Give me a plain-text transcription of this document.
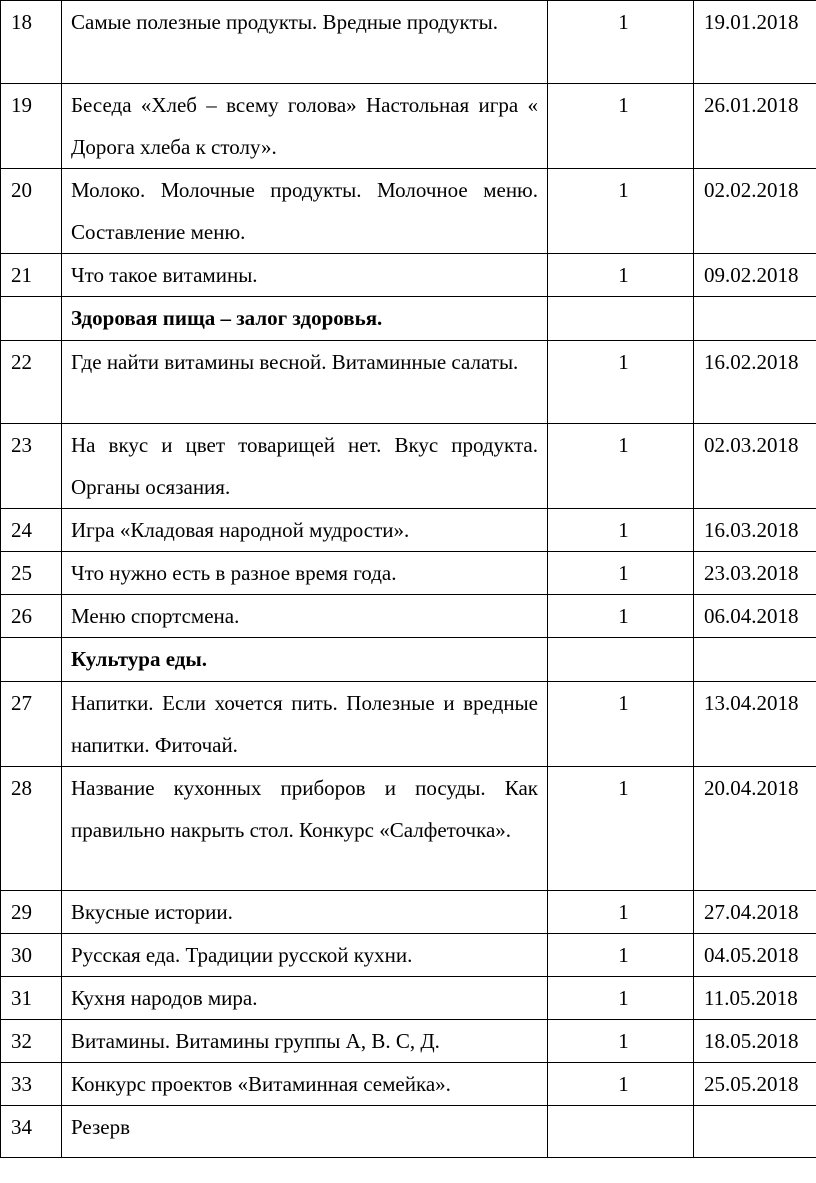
18	Самые полезные продукты. Вредные продукты.	1	19.01.2018

19	Беседа «Хлеб – всему голова» Настольная игра « Дорога хлеба к столу».	1	26.01.2018

20	Молоко. Молочные продукты. Молочное меню. Составление меню.	1	02.02.2018

21	Что такое витамины.	1	09.02.2018

	Здоровая пища – залог здоровья.		

22	Где найти витамины весной. Витаминные салаты.	1	16.02.2018

23	На вкус и цвет товарищей нет. Вкус продукта. Органы осязания.	1	02.03.2018

24	Игра «Кладовая народной мудрости».	1	16.03.2018

25	Что нужно есть в разное время года.	1	23.03.2018

26	Меню спортсмена.	1	06.04.2018

	Культура еды.		

27	Напитки. Если хочется пить. Полезные и вредные напитки. Фиточай.	1	13.04.2018

28	Название кухонных приборов и посуды. Как правильно накрыть стол. Конкурс «Салфеточка».	1	20.04.2018

29	Вкусные истории.	1	27.04.2018

30	Русская еда. Традиции русской кухни.	1	04.05.2018

31	Кухня народов мира.	1	11.05.2018

32	Витамины. Витамины группы А, В. С, Д.	1	18.05.2018

33	Конкурс проектов «Витаминная семейка».	1	25.05.2018

34	Резерв		
